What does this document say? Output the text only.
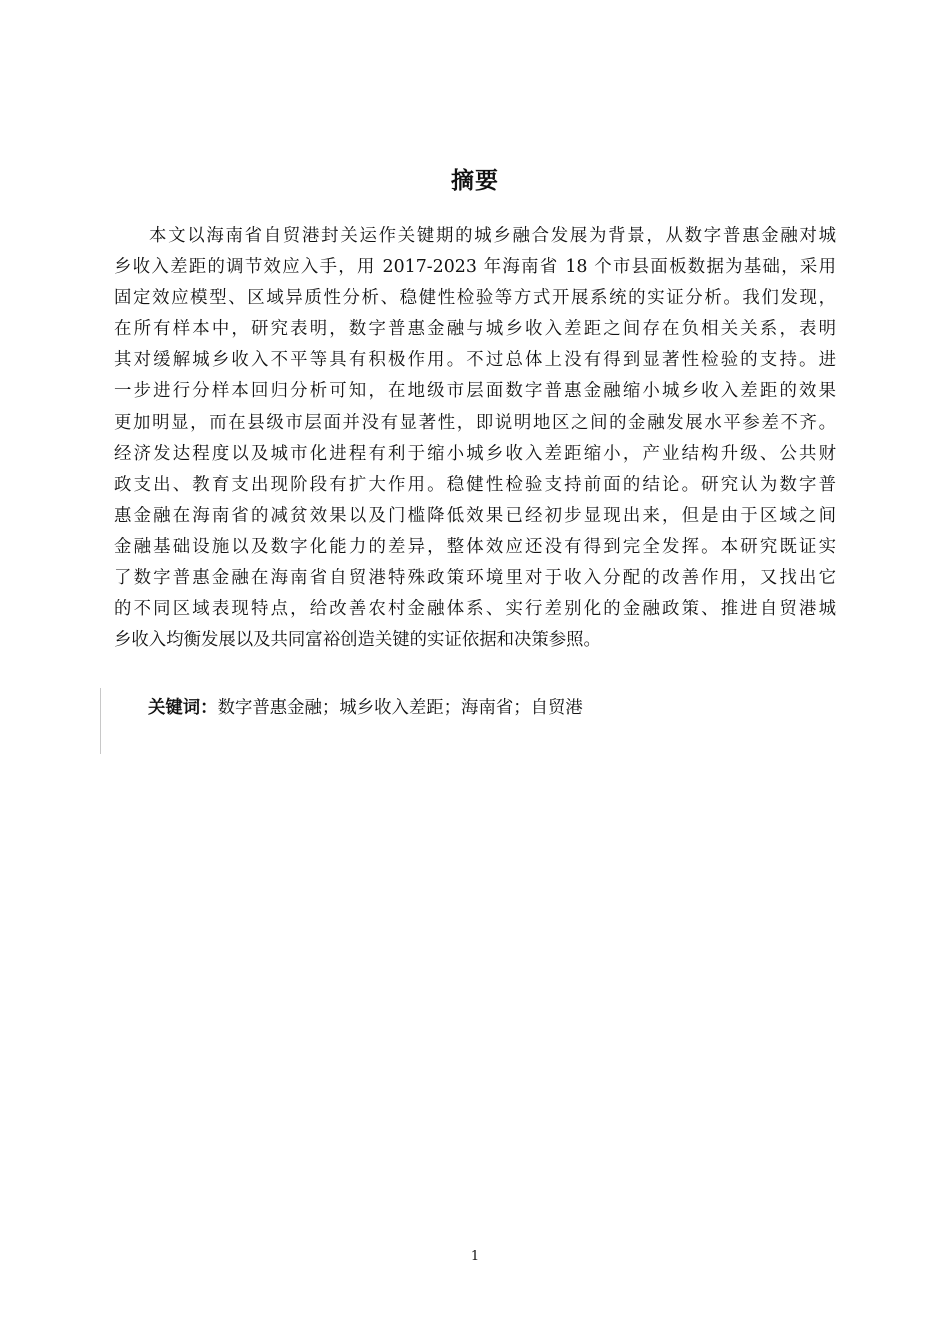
摘要
本文以海南省自贸港封关运作关键期的城乡融合发展为背景，从数字普惠金融对城
乡收入差距的调节效应入手，用 2017-2023 年海南省 18 个市县面板数据为基础，采用
固定效应模型、区域异质性分析、稳健性检验等方式开展系统的实证分析。我们发现，
在所有样本中，研究表明，数字普惠金融与城乡收入差距之间存在负相关关系，表明
其对缓解城乡收入不平等具有积极作用。不过总体上没有得到显著性检验的支持。进
一步进行分样本回归分析可知，在地级市层面数字普惠金融缩小城乡收入差距的效果
更加明显，而在县级市层面并没有显著性，即说明地区之间的金融发展水平参差不齐。
经济发达程度以及城市化进程有利于缩小城乡收入差距缩小，产业结构升级、公共财
政支出、教育支出现阶段有扩大作用。稳健性检验支持前面的结论。研究认为数字普
惠金融在海南省的减贫效果以及门槛降低效果已经初步显现出来，但是由于区域之间
金融基础设施以及数字化能力的差异，整体效应还没有得到完全发挥。本研究既证实
了数字普惠金融在海南省自贸港特殊政策环境里对于收入分配的改善作用，又找出它
的不同区域表现特点，给改善农村金融体系、实行差别化的金融政策、推进自贸港城
乡收入均衡发展以及共同富裕创造关键的实证依据和决策参照。
关键词：数字普惠金融；城乡收入差距；海南省；自贸港
1
